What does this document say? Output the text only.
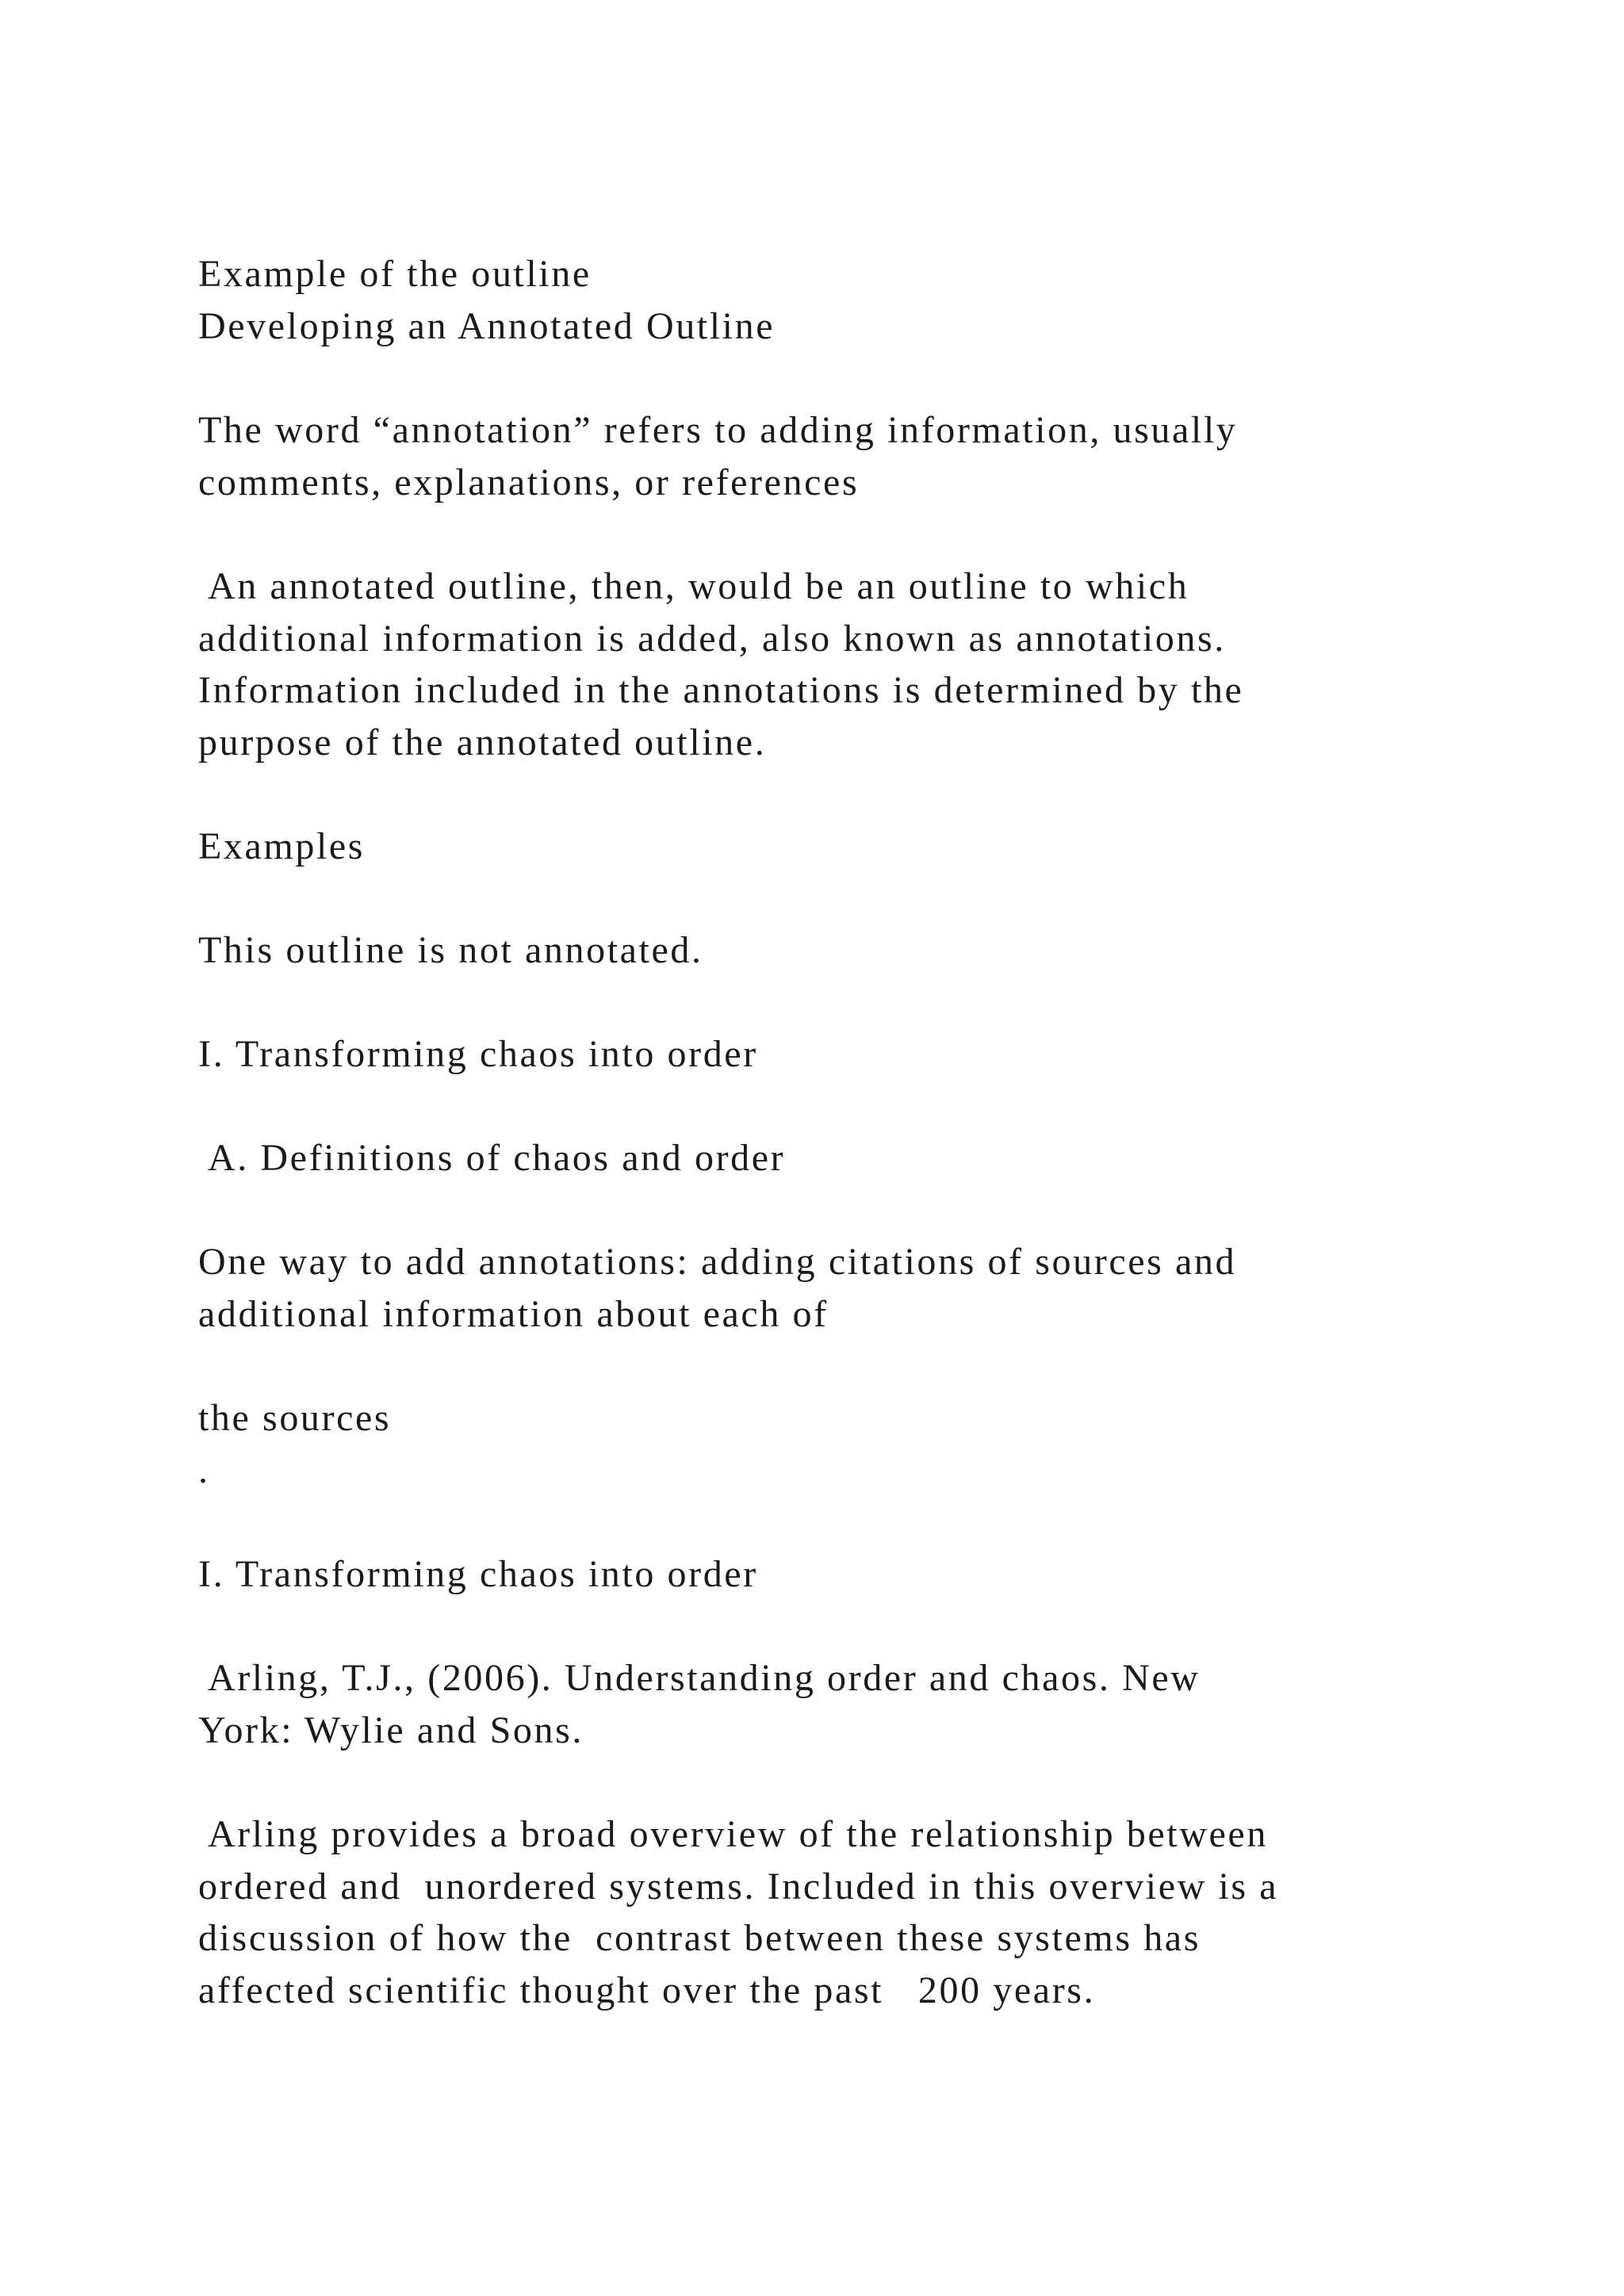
Example of the outline

Developing an Annotated Outline

The word “annotation” refers to adding information, usually

comments, explanations, or references

An annotated outline, then, would be an outline to which

additional information is added, also known as annotations.

Information included in the annotations is determined by the

purpose of the annotated outline.

Examples

This outline is not annotated.

I. Transforming chaos into order

A. Definitions of chaos and order

One way to add annotations: adding citations of sources and

additional information about each of

the sources

.

I. Transforming chaos into order

Arling, T.J., (2006). Understanding order and chaos. New

York: Wylie and Sons.

Arling provides a broad overview of the relationship between

ordered and  unordered systems. Included in this overview is a

discussion of how the  contrast between these systems has

affected scientific thought over the past   200 years.
